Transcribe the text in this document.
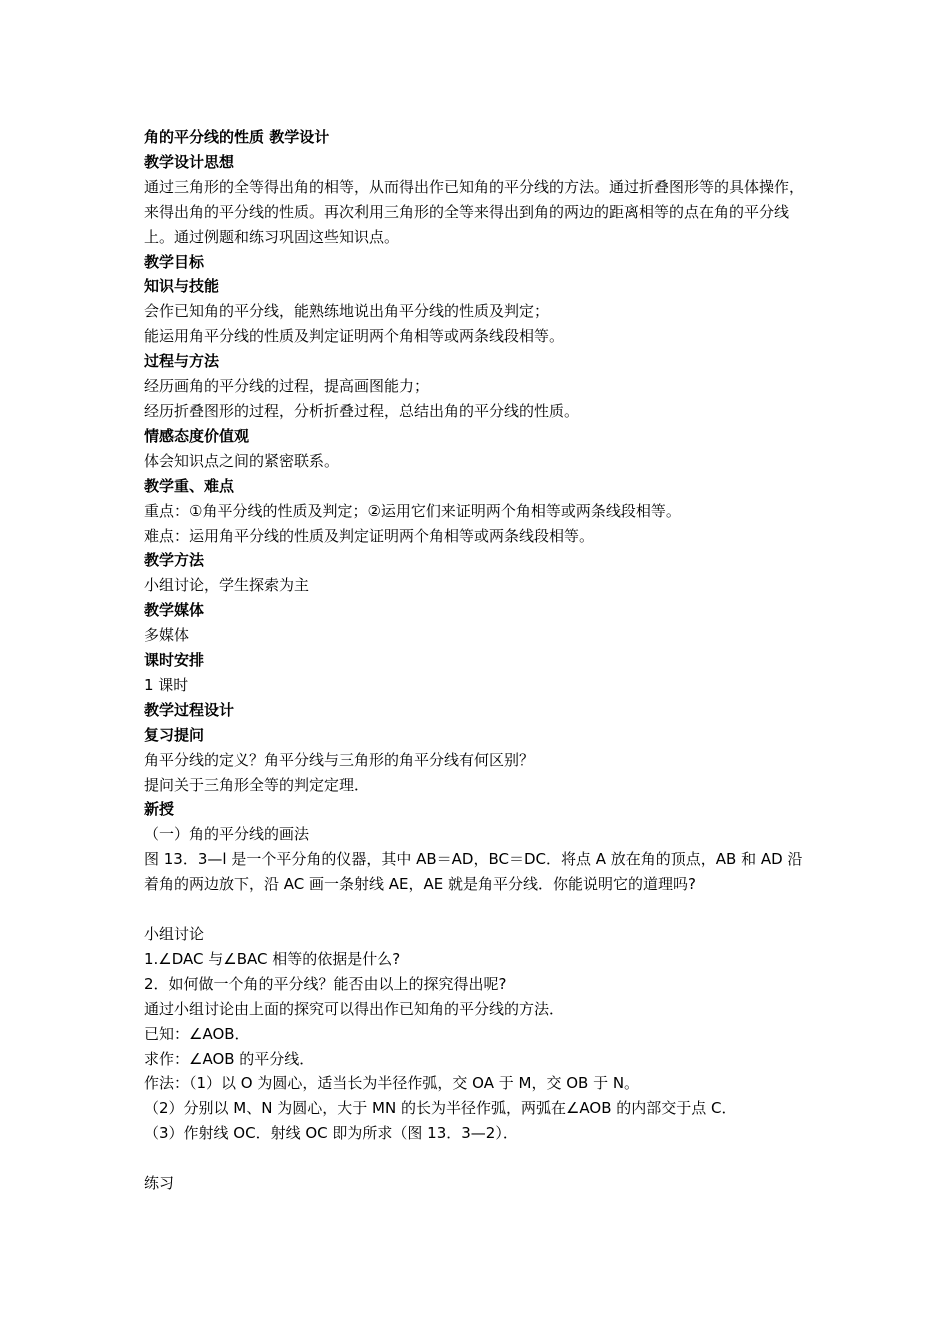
角的平分线的性质 教学设计

教学设计思想

通过三角形的全等得出角的相等，从而得出作已知角的平分线的方法。通过折叠图形等的具体操作，来得出角的平分线的性质。再次利用三角形的全等来得出到角的两边的距离相等的点在角的平分线上。通过例题和练习巩固这些知识点。

教学目标

知识与技能

会作已知角的平分线，能熟练地说出角平分线的性质及判定；

能运用角平分线的性质及判定证明两个角相等或两条线段相等。

过程与方法

经历画角的平分线的过程，提高画图能力；

经历折叠图形的过程，分析折叠过程，总结出角的平分线的性质。

情感态度价值观

体会知识点之间的紧密联系。

教学重、难点

重点：①角平分线的性质及判定；②运用它们来证明两个角相等或两条线段相等。

难点：运用角平分线的性质及判定证明两个角相等或两条线段相等。

教学方法

小组讨论，学生探索为主

教学媒体

多媒体

课时安排

1 课时

教学过程设计

复习提问

角平分线的定义？角平分线与三角形的角平分线有何区别？

提问关于三角形全等的判定定理．

新授

（一）角的平分线的画法

图 13．3—l 是一个平分角的仪器，其中 AB＝AD，BC＝DC．将点 A 放在角的顶点，AB 和 AD 沿着角的两边放下，沿 AC 画一条射线 AE，AE 就是角平分线．你能说明它的道理吗?

小组讨论

1.∠DAC 与∠BAC 相等的依据是什么?

2．如何做一个角的平分线？能否由以上的探究得出呢?

通过小组讨论由上面的探究可以得出作已知角的平分线的方法．

已知：∠AOB．

求作：∠AOB 的平分线．

作法：（1）以 O 为圆心，适当长为半径作弧，交 OA 于 M，交 OB 于 N。

（2）分别以 M、N 为圆心，大于 MN 的长为半径作弧，两弧在∠AOB 的内部交于点 C．

（3）作射线 OC．射线 OC 即为所求（图 13．3—2）．

练习
